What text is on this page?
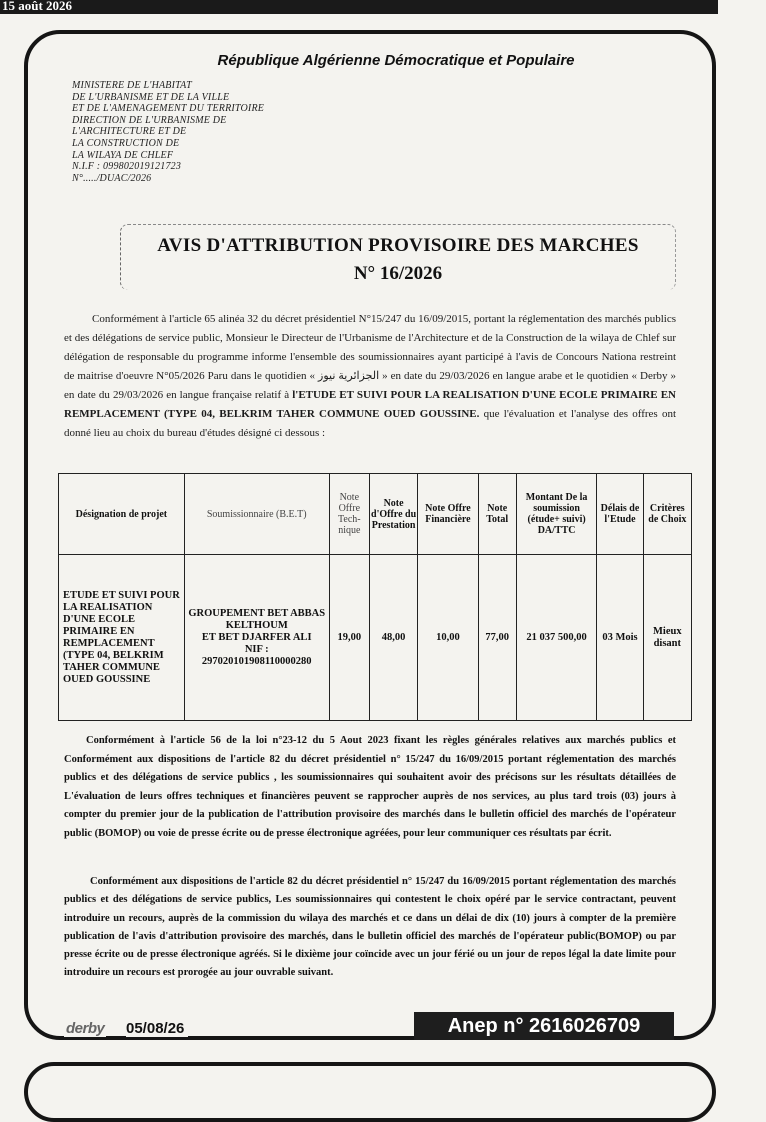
15 août 2026
République Algérienne Démocratique et Populaire
MINISTERE DE L'HABITAT
DE L'URBANISME ET DE LA VILLE
ET DE L'AMENAGEMENT DU TERRITOIRE
DIRECTION DE L'URBANISME DE
L'ARCHITECTURE ET DE
LA CONSTRUCTION DE
LA WILAYA DE CHLEF
N.I.F : 099802019121723
N°...../DUAC/2026
AVIS D'ATTRIBUTION PROVISOIRE DES MARCHES
N° 16/2026
Conformément à l'article 65 alinéa 32 du décret présidentiel N°15/247 du 16/09/2015, portant la réglementation des marchés publics et des délégations de service public, Monsieur le Directeur de l'Urbanisme de l'Architecture et de la Construction de la wilaya de Chlef sur délégation de responsable du programme informe l'ensemble des soumissionnaires ayant participé à l'avis de Concours Nationa restreint de maitrise d'oeuvre N°05/2026 Paru dans le quotidien « الجزائرية نيوز » en date du 29/03/2026 en langue arabe et le quotidien « Derby » en date du 29/03/2026 en langue française relatif à l'ETUDE ET SUIVI POUR LA REALISATION D'UNE ECOLE PRIMAIRE EN REMPLACEMENT (TYPE 04, BELKRIM TAHER COMMUNE OUED GOUSSINE. que l'évaluation et l'analyse des offres ont donné lieu au choix du bureau d'études désigné ci dessous :
Désignation de projet	Soumissionnaire (B.E.T)	Note Offre Tech-nique	Note d'Offre du Prestation	Note Offre Financière	Note Total	Montant De la soumission (étude+ suivi) DA/TTC	Délais de l'Etude	Critères de Choix
ETUDE ET SUIVI POUR LA REALISATION D'UNE ECOLE PRIMAIRE EN REMPLACEMENT (TYPE 04, BELKRIM TAHER COMMUNE OUED GOUSSINE	GROUPEMENT BET ABBAS KELTHOUM
ET BET DJARFER ALI
NIF :
297020101908110000280	19,00	48,00	10,00	77,00	21 037 500,00	03 Mois	Mieux disant
Conformément à l'article 56 de la loi n°23-12 du 5 Aout 2023 fixant les règles générales relatives aux marchés publics et Conformément aux dispositions de l'article 82 du décret présidentiel n° 15/247 du 16/09/2015 portant réglementation des marchés publics et des délégations de service publics , les soumissionnaires qui souhaitent avoir des précisons sur les résultats détaillées de L'évaluation de leurs offres techniques et financières peuvent se rapprocher auprès de nos services, au plus tard trois (03) jours à compter du premier jour de la publication de l'attribution provisoire des marchés dans le bulletin officiel des marchés de l'opérateur public (BOMOP) ou voie de presse écrite ou de presse électronique agréées, pour leur communiquer ces résultats par écrit.
Conformément aux dispositions de l'article 82 du décret présidentiel n° 15/247 du 16/09/2015 portant réglementation des marchés publics et des délégations de service publics, Les soumissionnaires qui contestent le choix opéré par le service contractant, peuvent introduire un recours, auprès de la commission du wilaya des marchés et ce dans un délai de dix (10) jours à compter de la première publication de l'avis d'attribution provisoire des marchés, dans le bulletin officiel des marchés de l'opérateur public(BOMOP) ou par presse écrite ou de presse électronique agréés. Si le dixième jour coïncide avec un jour férié ou un jour de repos légal la date limite pour introduire un recours est prorogée au jour ouvrable suivant.
derby 05/08/26	Anep n° 2616026709
